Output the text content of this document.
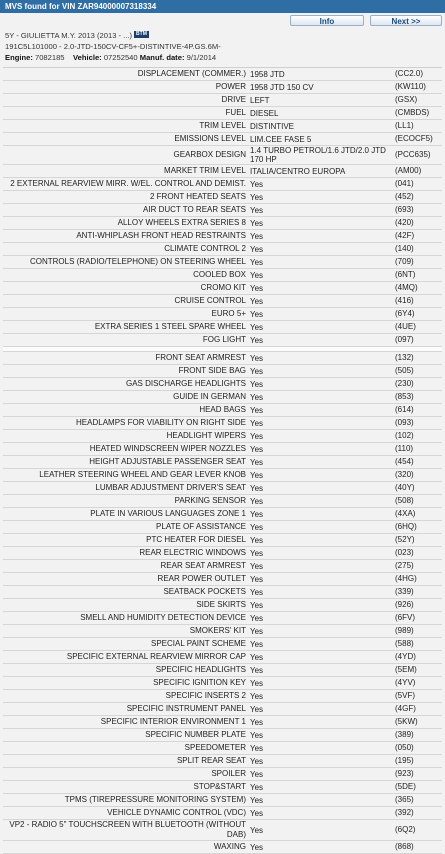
MVS found for VIN ZAR94000007318334
Info	Next >>
5Y - GIULIETTA M.Y. 2013 (2013 - ...) BTM
191C5L101000 - 2.0-JTD-150CV-CF5+-DISTINTIVE-4P.GS.6M-
Engine: 7082185 Vehicle: 07252540 Manuf. date: 9/1/2014
DISPLACEMENT (COMMER.) 1958 JTD	(CC2.0)
POWER 1958 JTD 150 CV	(KW110)
DRIVE LEFT	(GSX)
FUEL DIESEL	(CMBDS)
TRIM LEVEL DISTINTIVE	(LL1)
EMISSIONS LEVEL LIM.CEE FASE 5	(ECOCF5)
GEARBOX DESIGN 1.4 TURBO PETROL/1.6 JTD/2.0 JTD 170 HP
(PCC635)
MARKET TRIM LEVEL ITALIA/CENTRO EUROPA	(AM00)
2 EXTERNAL REARVIEW MIRR. W/EL. CONTROL AND DEMIST. Yes	(041)
2 FRONT HEATED SEATS Yes	(452)
AIR DUCT TO REAR SEATS Yes	(693)
ALLOY WHEELS EXTRA SERIES 8 Yes	(420)
ANTI-WHIPLASH FRONT HEAD RESTRAINTS Yes	(42F)
CLIMATE CONTROL 2 Yes	(140)
CONTROLS (RADIO/TELEPHONE) ON STEERING WHEEL Yes	(709)
COOLED BOX Yes	(6NT)
CROMO KIT Yes	(4MQ)
CRUISE CONTROL Yes	(416)
EURO 5+ Yes	(6Y4)
EXTRA SERIES 1 STEEL SPARE WHEEL Yes	(4UE)
FOG LIGHT Yes	(097)
FRONT SEAT ARMREST Yes	(132)
FRONT SIDE BAG Yes	(505)
GAS DISCHARGE HEADLIGHTS Yes	(230)
GUIDE IN GERMAN Yes	(853)
HEAD BAGS Yes	(614)
HEADLAMPS FOR VIABILITY ON RIGHT SIDE Yes	(093)
HEADLIGHT WIPERS Yes	(102)
HEATED WINDSCREEN WIPER NOZZLES Yes	(110)
HEIGHT ADJUSTABLE PASSENGER SEAT Yes	(454)
LEATHER STEERING WHEEL AND GEAR LEVER KNOB Yes	(320)
LUMBAR ADJUSTMENT DRIVER'S SEAT Yes	(40Y)
PARKING SENSOR Yes	(508)
PLATE IN VARIOUS LANGUAGES ZONE 1 Yes	(4XA)
PLATE OF ASSISTANCE Yes	(6HQ)
PTC HEATER FOR DIESEL Yes	(52Y)
REAR ELECTRIC WINDOWS Yes	(023)
REAR SEAT ARMREST Yes	(275)
REAR POWER OUTLET Yes	(4HG)
SEATBACK POCKETS Yes	(339)
SIDE SKIRTS Yes	(926)
SMELL AND HUMIDITY DETECTION DEVICE Yes	(6FV)
SMOKERS' KIT Yes	(989)
SPECIAL PAINT SCHEME Yes	(588)
SPECIFIC EXTERNAL REARVIEW MIRROR CAP Yes	(4YD)
SPECIFIC HEADLIGHTS Yes	(5EM)
SPECIFIC IGNITION KEY Yes	(4YV)
SPECIFIC INSERTS 2 Yes	(5VF)
SPECIFIC INSTRUMENT PANEL Yes	(4GF)
SPECIFIC INTERIOR ENVIRONMENT 1 Yes	(5KW)
SPECIFIC NUMBER PLATE Yes	(389)
SPEEDOMETER Yes	(050)
SPLIT REAR SEAT Yes	(195)
SPOILER Yes	(923)
STOP&START Yes	(5DE)
TPMS (TIREPRESSURE MONITORING SYSTEM) Yes	(365)
VEHICLE DYNAMIC CONTROL (VDC) Yes	(392)
VP2 - RADIO 5" TOUCHSCREEN WITH BLUETOOTH (WITHOUT DAB) Yes	(6Q2)
WAXING Yes	(868)
